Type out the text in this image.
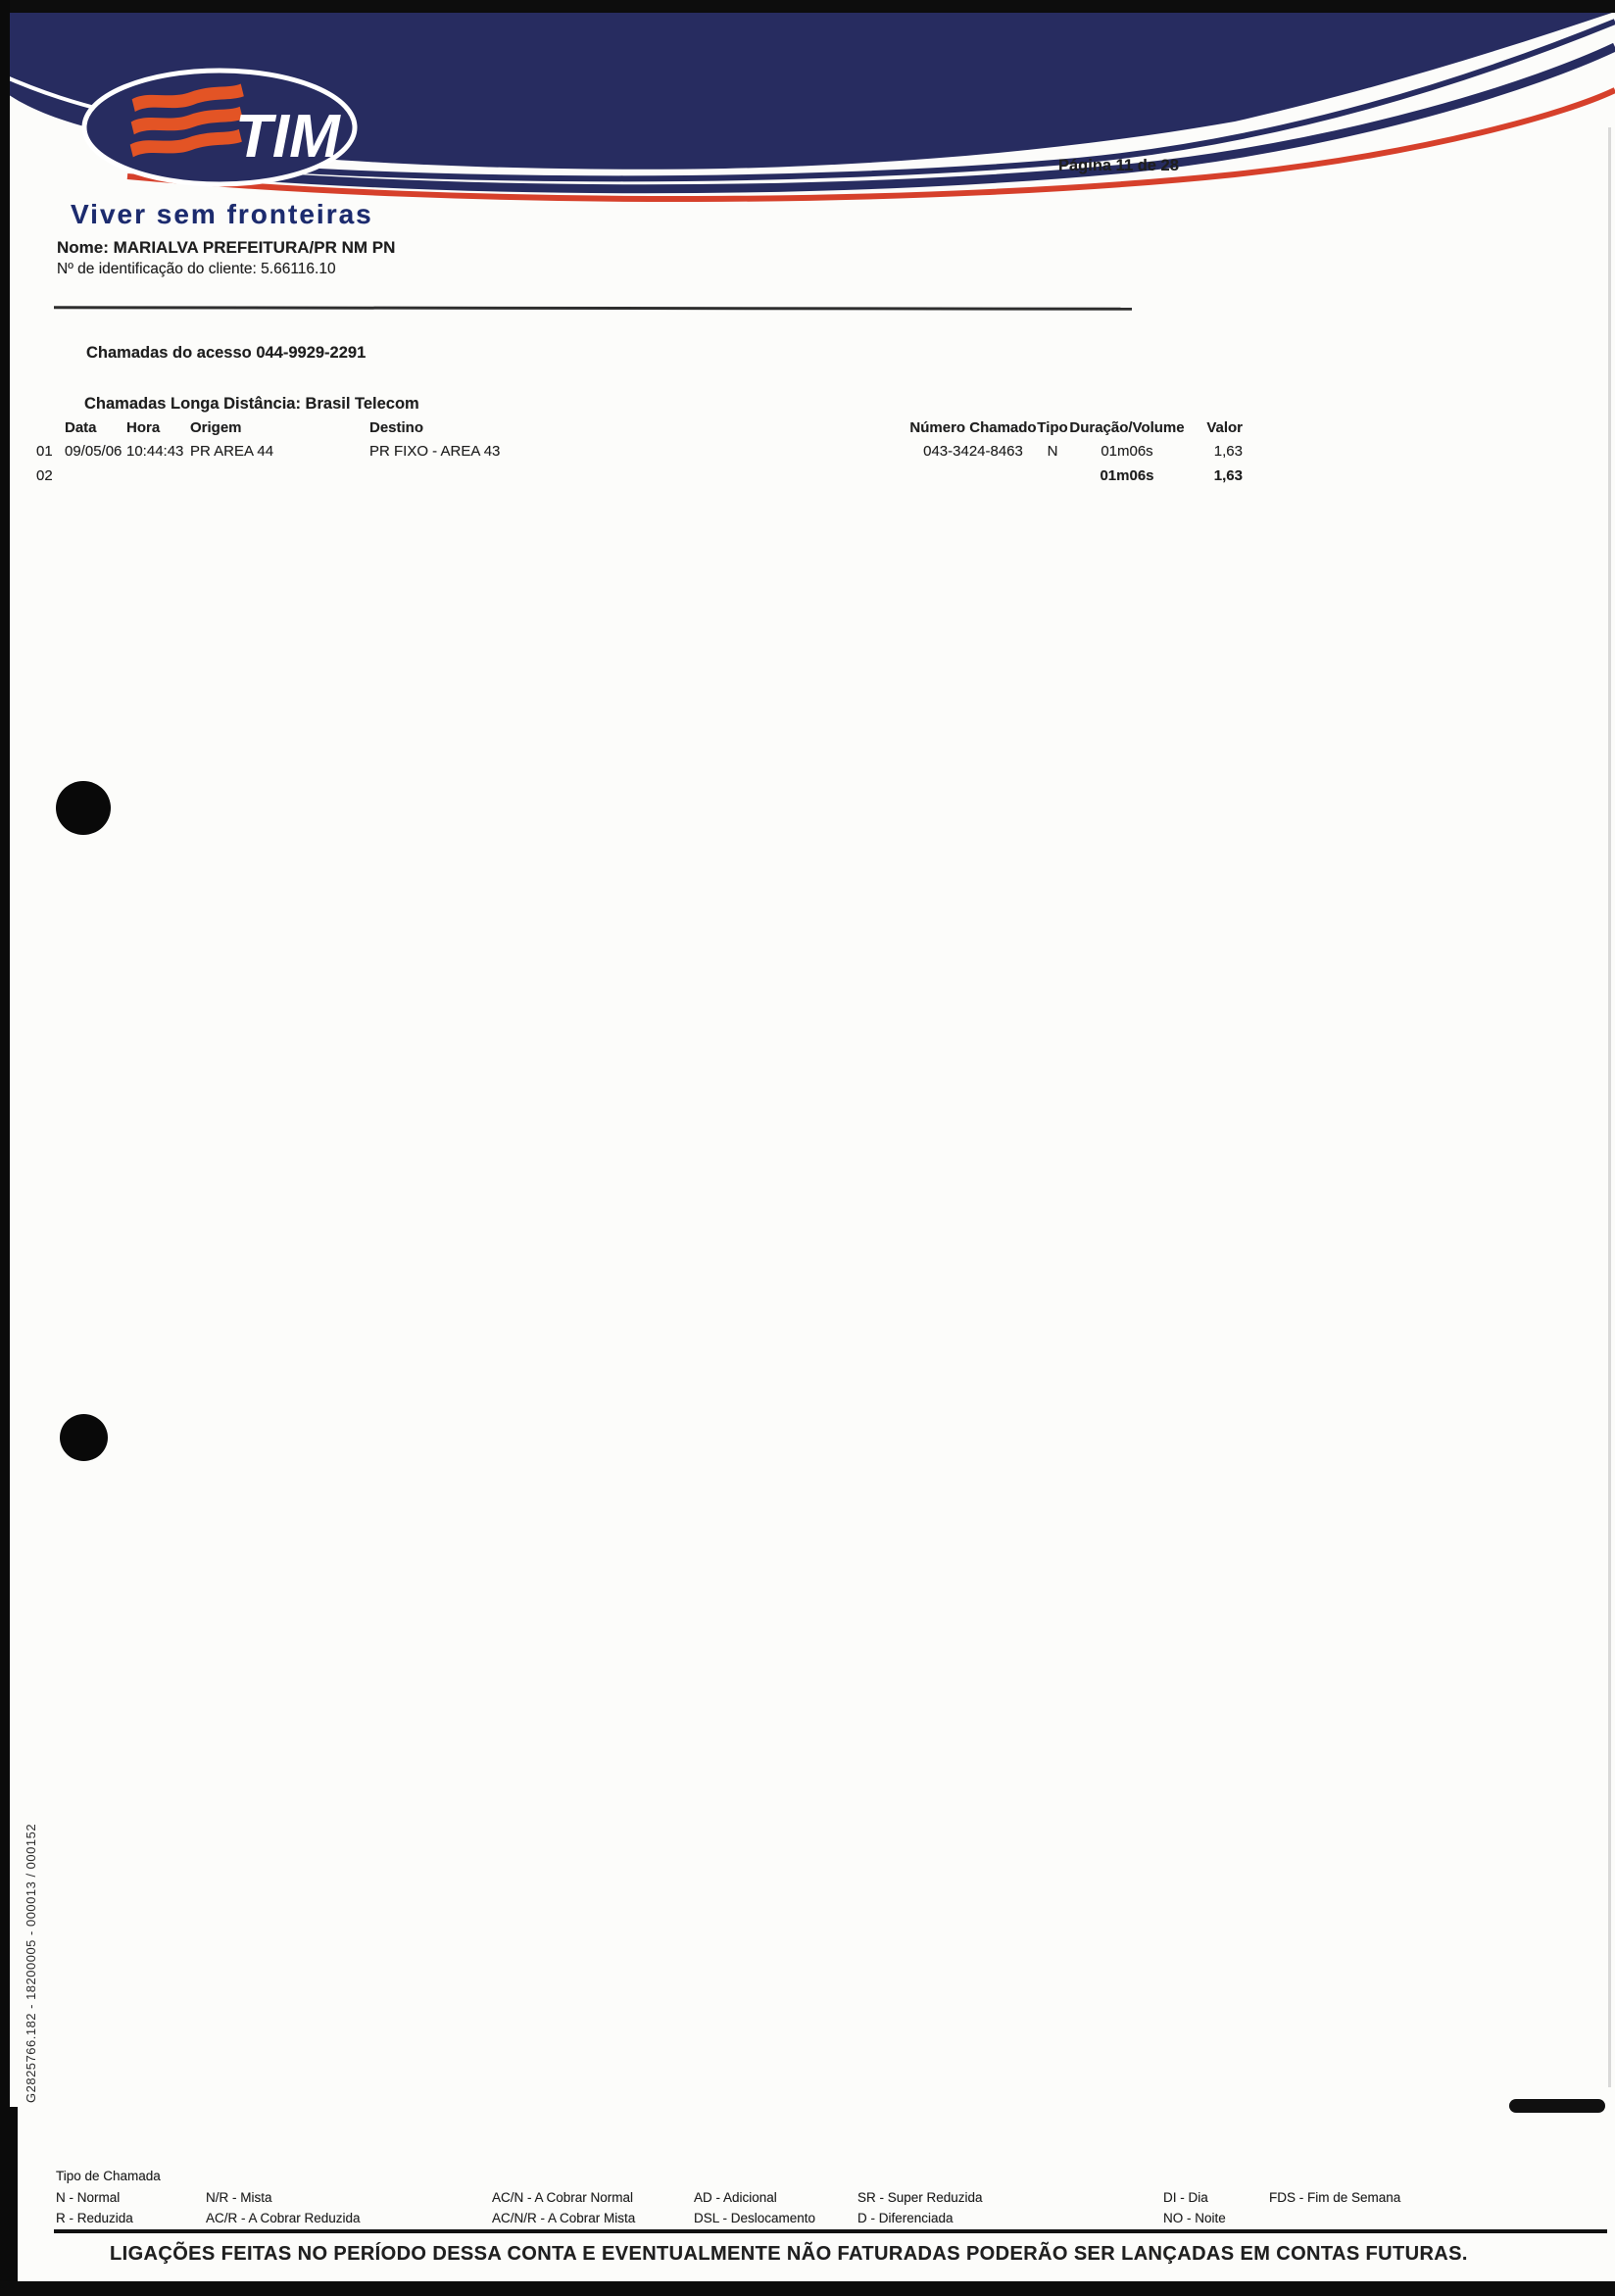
TIM	Página 11 de 28
Viver sem fronteiras
Nome: MARIALVA PREFEITURA/PR NM PN
Nº de identificação do cliente: 5.66116.10
Chamadas do acesso 044-9929-2291
Chamadas Longa Distância: Brasil Telecom
Data Hora Origem	Destino	Número Chamado Tipo Duração/Volume	Valor
01 09/05/06 10:44:43 PR AREA 44	PR FIXO - AREA 43	043-3424-8463	N	01m06s	1,63
02	01m06s	1,63
G2825766.182 - 18200005 - 000013 / 000152
Tipo de Chamada
N - Normal
R - Reduzida
N/R - Mista
AC/R - A Cobrar Reduzida
AC/N - A Cobrar Normal
AC/N/R - A Cobrar Mista
AD - Adicional
DSL - Deslocamento
SR - Super Reduzida
D - Diferenciada
DI - Dia
NO - Noite
FDS - Fim de Semana
LIGAÇÕES FEITAS NO PERÍODO DESSA CONTA E EVENTUALMENTE NÃO FATURADAS PODERÃO SER LANÇADAS EM CONTAS FUTURAS.
